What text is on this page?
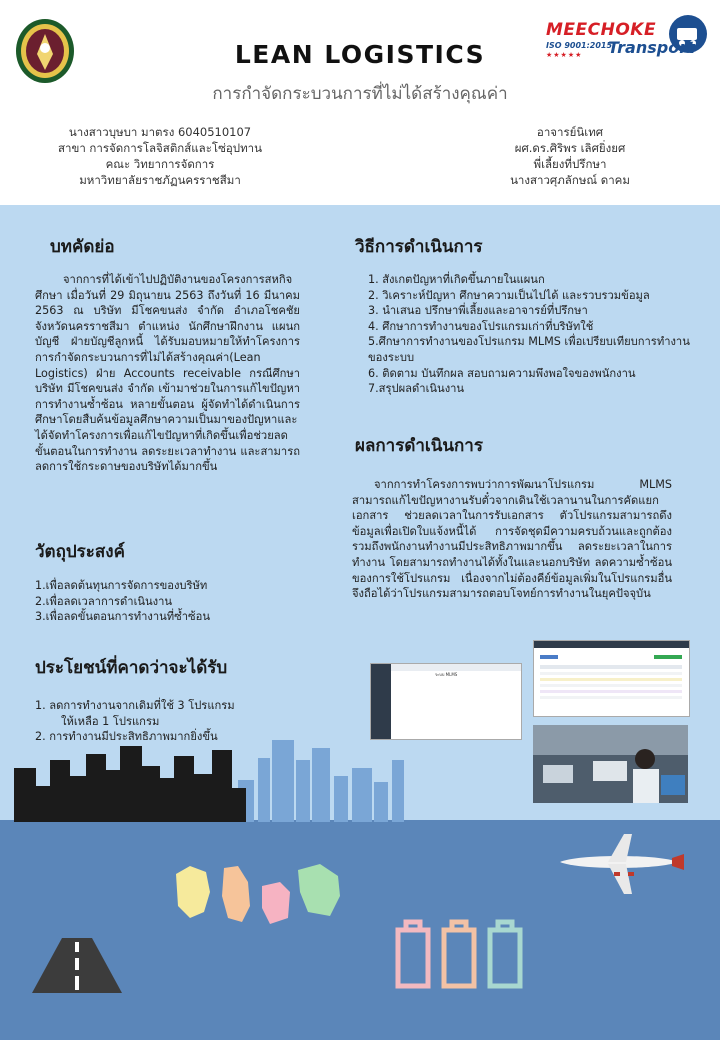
MEECHOKE
ISO 9001:2015
Transport
★★★★★
LEAN LOGISTICS
การกำจัดกระบวนการที่ไม่ได้สร้างคุณค่า
นางสาวบุษบา มาตรง 6040510107
สาขา การจัดการโลจิสติกส์และโซ่อุปทาน
คณะ วิทยาการจัดการ
มหาวิทยาลัยราชภัฏนครราชสีมา
อาจารย์นิเทศ
ผศ.ดร.ศิริพร เลิศยิ่งยศ
พี่เลี้ยงที่ปรึกษา
นางสาวศุภลักษณ์ ดาคม
บทคัดย่อ
จากการที่ได้เข้าไปปฏิบัติงานของโครงการสหกิจศึกษา เมื่อวันที่ 29 มิถุนายน 2563 ถึงวันที่ 16 มีนาคม 2563 ณ บริษัท มีโชคขนส่ง จำกัด อำเภอโชคชัย จังหวัดนครราชสีมา ตำแหน่ง นักศึกษาฝึกงาน แผนกบัญชี ฝ่ายบัญชีลูกหนี้ ได้รับมอบหมายให้ทำโครงการ การกำจัดกระบวนการที่ไม่ได้สร้างคุณค่า(Lean Logistics) ฝ่าย Accounts receivable กรณีศึกษา บริษัท มีโชคขนส่ง จำกัด เข้ามาช่วยในการแก้ไขปัญหาการทำงานซ้ำซ้อน หลายขั้นตอน ผู้จัดทำได้ดำเนินการศึกษาโดยสืบค้นข้อมูลศึกษาความเป็นมาของปัญหาและได้จัดทำโครงการเพื่อแก้ไขปัญหาที่เกิดขึ้นเพื่อช่วยลดขั้นตอนในการทำงาน ลดระยะเวลาทำงาน และสามารถลดการใช้กระดาษของบริษัทได้มากขึ้น
วัตถุประสงค์
1.เพื่อลดต้นทุนการจัดการของบริษัท
2.เพื่อลดเวลาการดำเนินงาน
3.เพื่อลดขั้นตอนการทำงานที่ซ้ำซ้อน
ประโยชน์ที่คาดว่าจะได้รับ
1. ลดการทำงานจากเดิมที่ใช้ 3 โปรแกรม
ให้เหลือ 1 โปรแกรม
2. การทำงานมีประสิทธิภาพมากยิ่งขึ้น
วิธีการดำเนินการ
1. สังเกตปัญหาที่เกิดขึ้นภายในแผนก
2. วิเคราะห์ปัญหา ศึกษาความเป็นไปได้ และรวบรวมข้อมูล
3. นำเสนอ ปรึกษาพี่เลี้ยงและอาจารย์ที่ปรึกษา
4. ศึกษาการทำงานของโปรแกรมเก่าที่บริษัทใช้
5.ศึกษาการทำงานของโปรแกรม MLMS เพื่อเปรียบเทียบการทำงานของระบบ
6. ติดตาม บันทึกผล สอบถามความพึงพอใจของพนักงาน
7.สรุปผลดำเนินงาน
ผลการดำเนินการ
จากการทำโครงการพบว่าการพัฒนาโปรแกรม MLMS สามารถแก้ไขปัญหางานรับตั๋วจากเดินใช้เวลานานในการคัดแยกเอกสาร ช่วยลดเวลาในการรับเอกสาร ตัวโปรแกรมสามารถดึงข้อมูลเพื่อเปิดใบแจ้งหนี้ได้ การจัดชุดมีความครบถ้วนและถูกต้อง รวมถึงพนักงานทำงานมีประสิทธิภาพมากขึ้น ลดระยะเวลาในการทำงาน โดยสามารถทำงานได้ทั้งในและนอกบริษัท ลดความซ้ำซ้อนของการใช้โปรแกรม เนื่องจากไม่ต้องคีย์ข้อมูลเพิ่มในโปรแกรมอื่น จึงถือได้ว่าโปรแกรมสามารถตอบโจทย์การทำงานในยุคปัจจุบัน
ระบบ MLMS
